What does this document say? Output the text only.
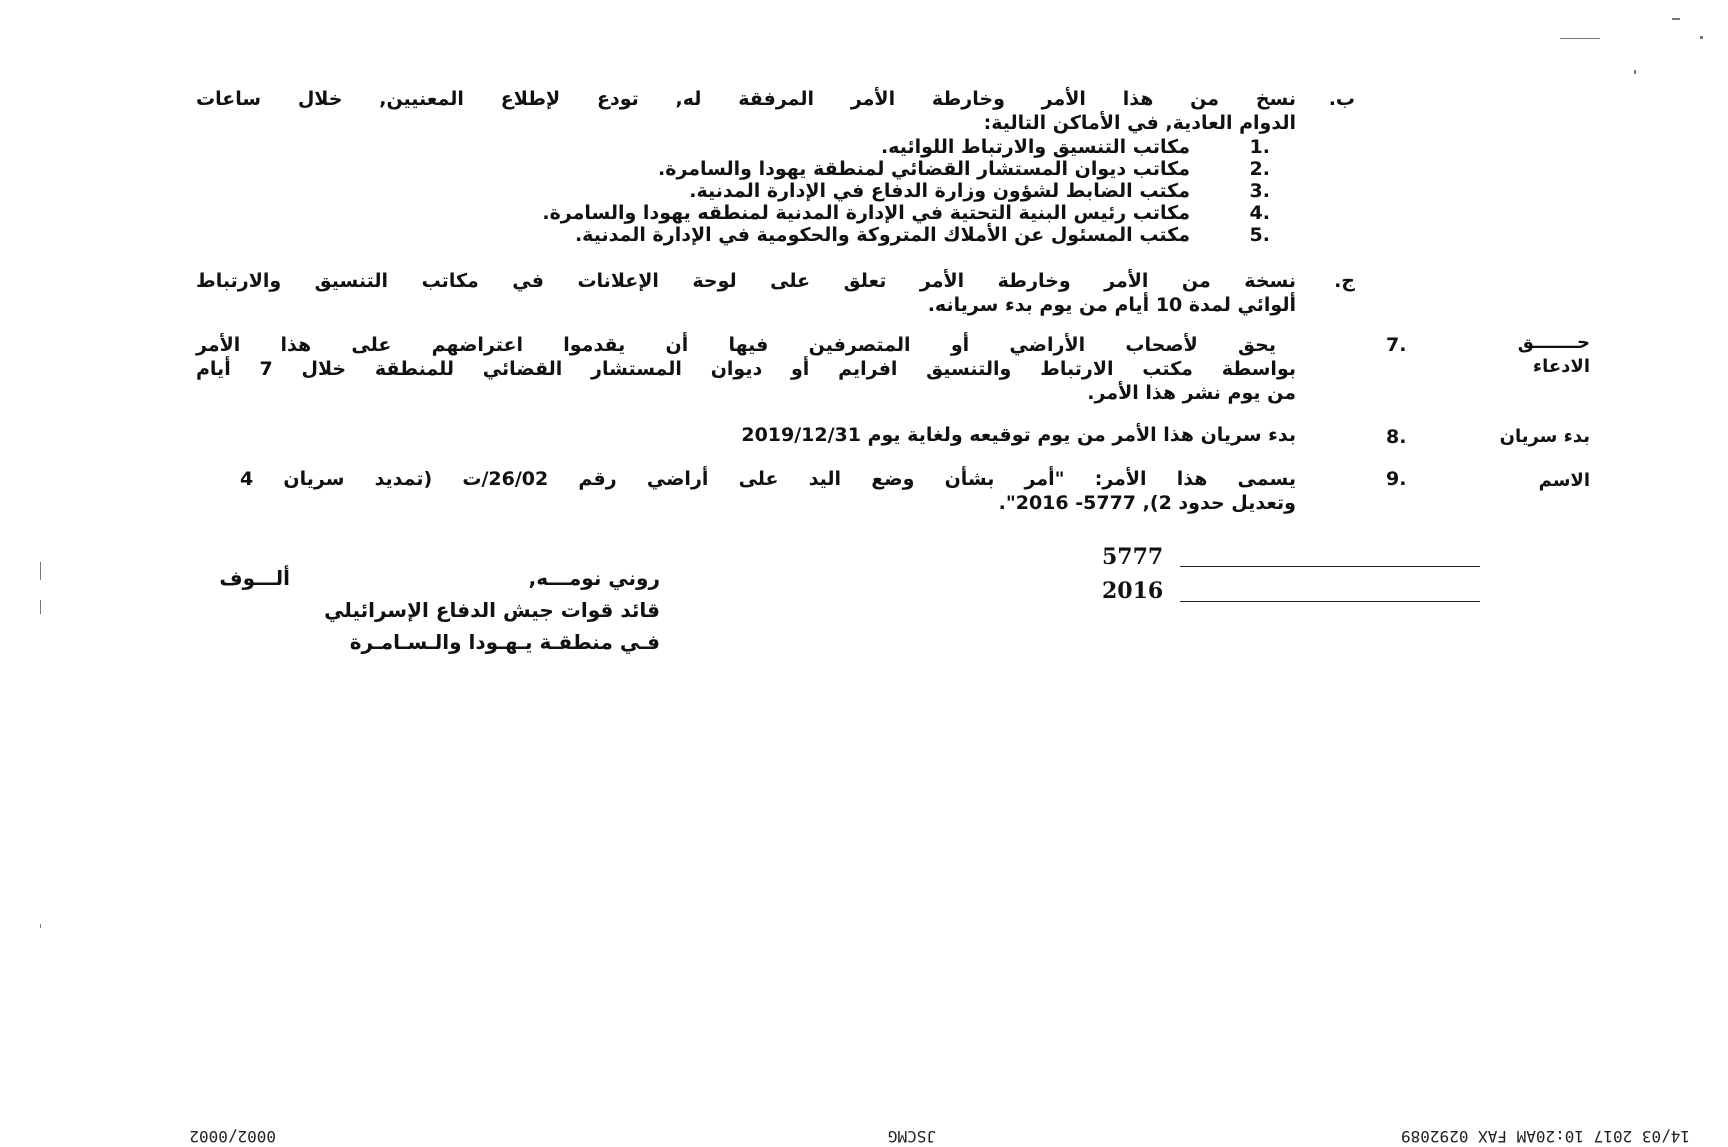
ب.
نسخ من هذا الأمر وخارطة الأمر المرفقة له, تودع لإطلاع المعنيين, خلال ساعات
الدوام العادية, في الأماكن التالية:
.1
مكاتب التنسيق والارتباط اللوائيه.
.2
مكاتب ديوان المستشار القضائي لمنطقة يهودا والسامرة.
.3
مكتب الضابط لشؤون وزارة الدفاع في الإدارة المدنية.
.4
مكاتب رئيس البنية التحتية في الإدارة المدنية لمنطقه يهودا والسامرة.
.5
مكتب المسئول عن الأملاك المتروكة والحكومية في الإدارة المدنية.
ج.
نسخة من الأمر وخارطة الأمر تعلق على لوحة الإعلانات في مكاتب التنسيق والارتباط
ألوائي لمدة 10 أيام من يوم بدء سريانه.
حـــــــق
الادعاء
7.
يحق لأصحاب الأراضي أو المتصرفين فيها أن يقدموا اعتراضهم على هذا الأمر
بواسطة مكتب الارتباط والتنسيق افرايم أو ديوان المستشار القضائي للمنطقة خلال 7 أيام
من يوم نشر هذا الأمر.
بدء سريان
8.
بدء سريان هذا الأمر من يوم توقيعه ولغاية يوم 2019/12/31
الاسم
9.
يسمى هذا الأمر: "أمر بشأن وضع اليد على أراضي رقم 26/02/ت (تمديد سريان 4
وتعديل حدود 2), 5777- 2016".
5777
2016
روني نومـــه,
ألـــوف
قائد قوات جيش الدفاع الإسرائيلي
فـي منطقـة يـهـودا والـسـامـرة
0002/0002	JSCMG	14/03 2017 10:20AM FAX 0292089
